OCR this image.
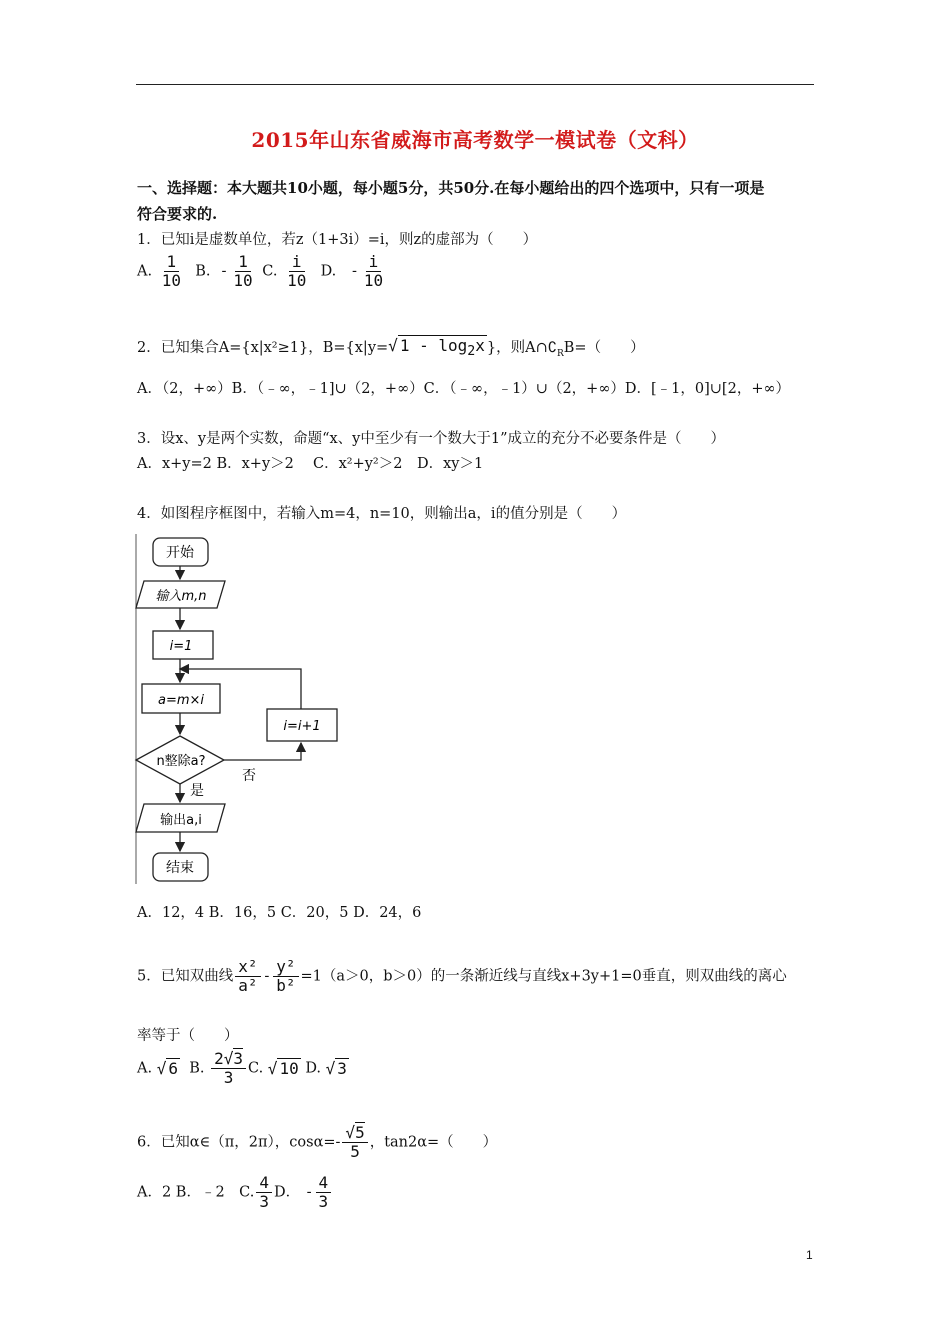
2015年山东省威海市高考数学一模试卷（文科）
一、选择题：本大题共10小题，每小题5分，共50分.在每小题给出的四个选项中，只有一项是
符合要求的.
1．已知i是虚数单位，若z（1+3i）=i，则z的虚部为（　　）
A. $\frac{1}{10} B$. - $\frac{1}{10} C$. $\frac{i}{10} D$. - $\frac{i}{10}$
2．已知集合A={x|x²≥1}，B={x|y=√ $1 - \log_2x$ }，则$A\cap∁_RB=$（　　）
A．（2，+∞）B．（﹣∞，﹣1]∪（2，+∞）C．（﹣∞，﹣1）∪（2，+∞）D．[﹣1，0]∪[2，+∞）
3．设x、y是两个实数，命题“x、y中至少有一个数大于1”成立的充分不必要条件是（　　）
A．x+y=2 B．x+y＞2　 C．x²+y²＞2　D．xy＞1
4．如图程序框图中，若输入m=4，n=10，则输出a，i的值分别是（　　）
开始
输入m,n
i=1
a=m×i
i=i+1
n整除a?
否
是
输出a,i
结束
A．12，4 B．16，5 C．20，5 D．24，6
5．已知双曲线 $\frac{\text{x²}}{\text{a²}} - \frac{\text{y²}}{\text{b²}} =1(a>0$，b＞0）的一条渐近线与直线x+3y+1=0垂直，则双曲线的离心
率等于（　　）
A. √ 6 B. $\frac{2√3}{3} C$. √ 10 D. √ 3
6．已知α∈（π，2π），$\cos\alpha=- \frac{√5}{5}$ ，tan2α=（　　）
A．2 B．﹣2　C. $\frac{4}{3}$ D． - $\frac{4}{3}$
1
